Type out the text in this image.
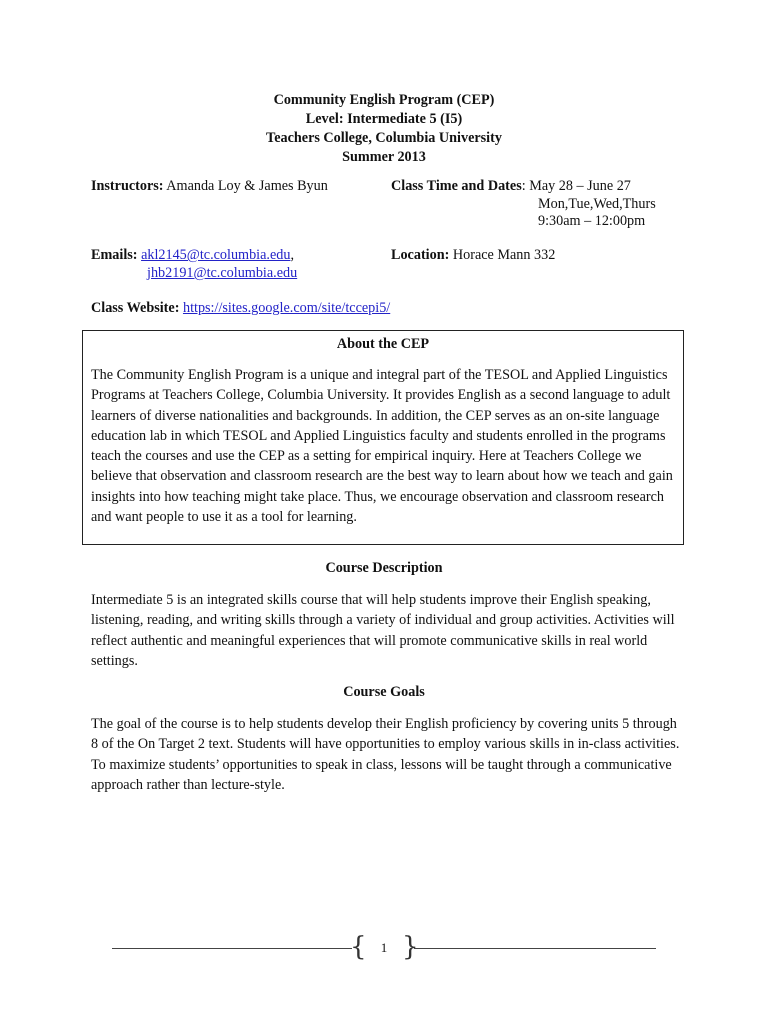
Community English Program (CEP)
Level: Intermediate 5 (I5)
Teachers College, Columbia University
Summer 2013
Instructors: Amanda Loy & James Byun	Class Time and Dates: May 28 – June 27
Mon,Tue,Wed,Thurs
9:30am – 12:00pm
Emails: akl2145@tc.columbia.edu,
jhb2191@tc.columbia.edu
Location: Horace Mann 332
Class Website: https://sites.google.com/site/tccepi5/
About the CEP
The Community English Program is a unique and integral part of the TESOL and Applied Linguistics Programs at Teachers College, Columbia University. It provides English as a second language to adult learners of diverse nationalities and backgrounds. In addition, the CEP serves as an on-site language education lab in which TESOL and Applied Linguistics faculty and students enrolled in the programs teach the courses and use the CEP as a setting for empirical inquiry. Here at Teachers College we believe that observation and classroom research are the best way to learn about how we teach and gain insights into how teaching might take place. Thus, we encourage observation and classroom research and want people to use it as a tool for learning.
Course Description
Intermediate 5 is an integrated skills course that will help students improve their English speaking, listening, reading, and writing skills through a variety of individual and group activities. Activities will reflect authentic and meaningful experiences that will promote communicative skills in real world settings.
Course Goals
The goal of the course is to help students develop their English proficiency by covering units 5 through 8 of the On Target 2 text. Students will have opportunities to employ various skills in in-class activities. To maximize students’ opportunities to speak in class, lessons will be taught through a communicative approach rather than lecture-style.
{	1 }
